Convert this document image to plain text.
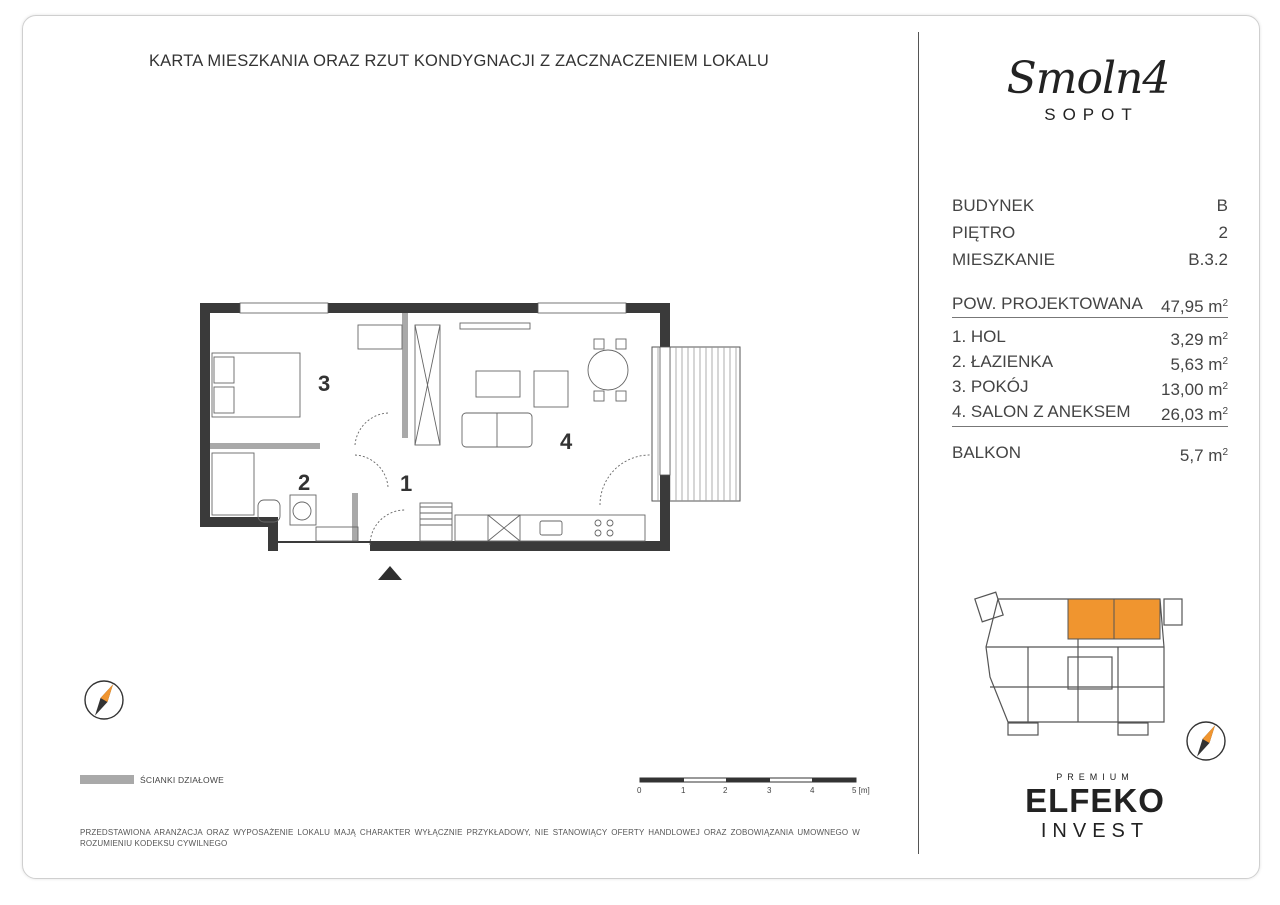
KARTA MIESZKANIA ORAZ RZUT KONDYGNACJI Z ZACZNACZENIEM LOKALU
1
2
3
4
ŚCIANKI DZIAŁOWE
0	1	2	3	4	5 [m]
PRZEDSTAWIONA ARANŻACJA ORAZ WYPOSAŻENIE LOKALU MAJĄ CHARAKTER WYŁĄCZNIE PRZYKŁADOWY, NIE STANOWIĄCY OFERTY HANDLOWEJ ORAZ ZOBOWIĄZANIA UMOWNEGO W ROZUMIENIU KODEKSU CYWILNEGO
Smoln4
SOPOT
BUDYNEK	B
PIĘTRO	2
MIESZKANIE	B.3.2
POW. PROJEKTOWANA 47,95 $m^2$
1. HOL	3,29 $m^2$
2. ŁAZIENKA	5,63 $m^2$
3. POKÓJ	13,00 $m^2$
4. SALON Z ANEKSEM 26,03 $m^2$
BALKON	5,7 $m^2$
PREMIUM
ELFEKO
INVEST
